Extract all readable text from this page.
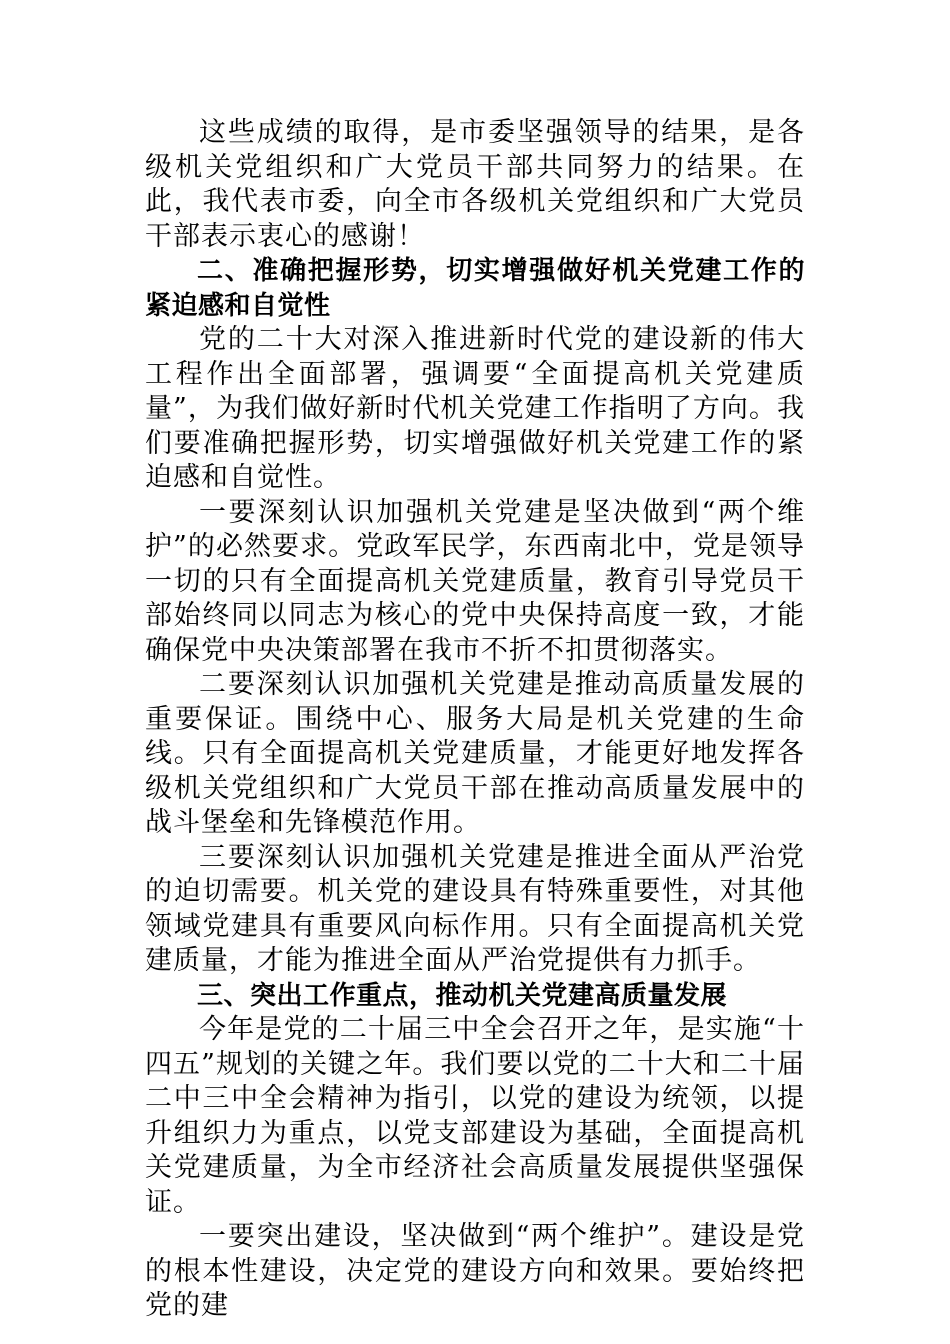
这些成绩的取得，是市委坚强领导的结果，是各级机关党组织和广大党员干部共同努力的结果。在此，我代表市委，向全市各级机关党组织和广大党员干部表示衷心的感谢！

二、准确把握形势，切实增强做好机关党建工作的紧迫感和自觉性

党的二十大对深入推进新时代党的建设新的伟大工程作出全面部署，强调要“全面提高机关党建质量”，为我们做好新时代机关党建工作指明了方向。我们要准确把握形势，切实增强做好机关党建工作的紧迫感和自觉性。

一要深刻认识加强机关党建是坚决做到“两个维护”的必然要求。党政军民学，东西南北中，党是领导一切的只有全面提高机关党建质量，教育引导党员干部始终同以同志为核心的党中央保持高度一致，才能确保党中央决策部署在我市不折不扣贯彻落实。

二要深刻认识加强机关党建是推动高质量发展的重要保证。围绕中心、服务大局是机关党建的生命线。只有全面提高机关党建质量，才能更好地发挥各级机关党组织和广大党员干部在推动高质量发展中的战斗堡垒和先锋模范作用。

三要深刻认识加强机关党建是推进全面从严治党的迫切需要。机关党的建设具有特殊重要性，对其他领域党建具有重要风向标作用。只有全面提高机关党建质量，才能为推进全面从严治党提供有力抓手。

三、突出工作重点，推动机关党建高质量发展

今年是党的二十届三中全会召开之年，是实施“十四五”规划的关键之年。我们要以党的二十大和二十届二中三中全会精神为指引，以党的建设为统领，以提升组织力为重点，以党支部建设为基础，全面提高机关党建质量，为全市经济社会高质量发展提供坚强保证。

一要突出建设，坚决做到“两个维护”。建设是党的根本性建设，决定党的建设方向和效果。要始终把党的建
